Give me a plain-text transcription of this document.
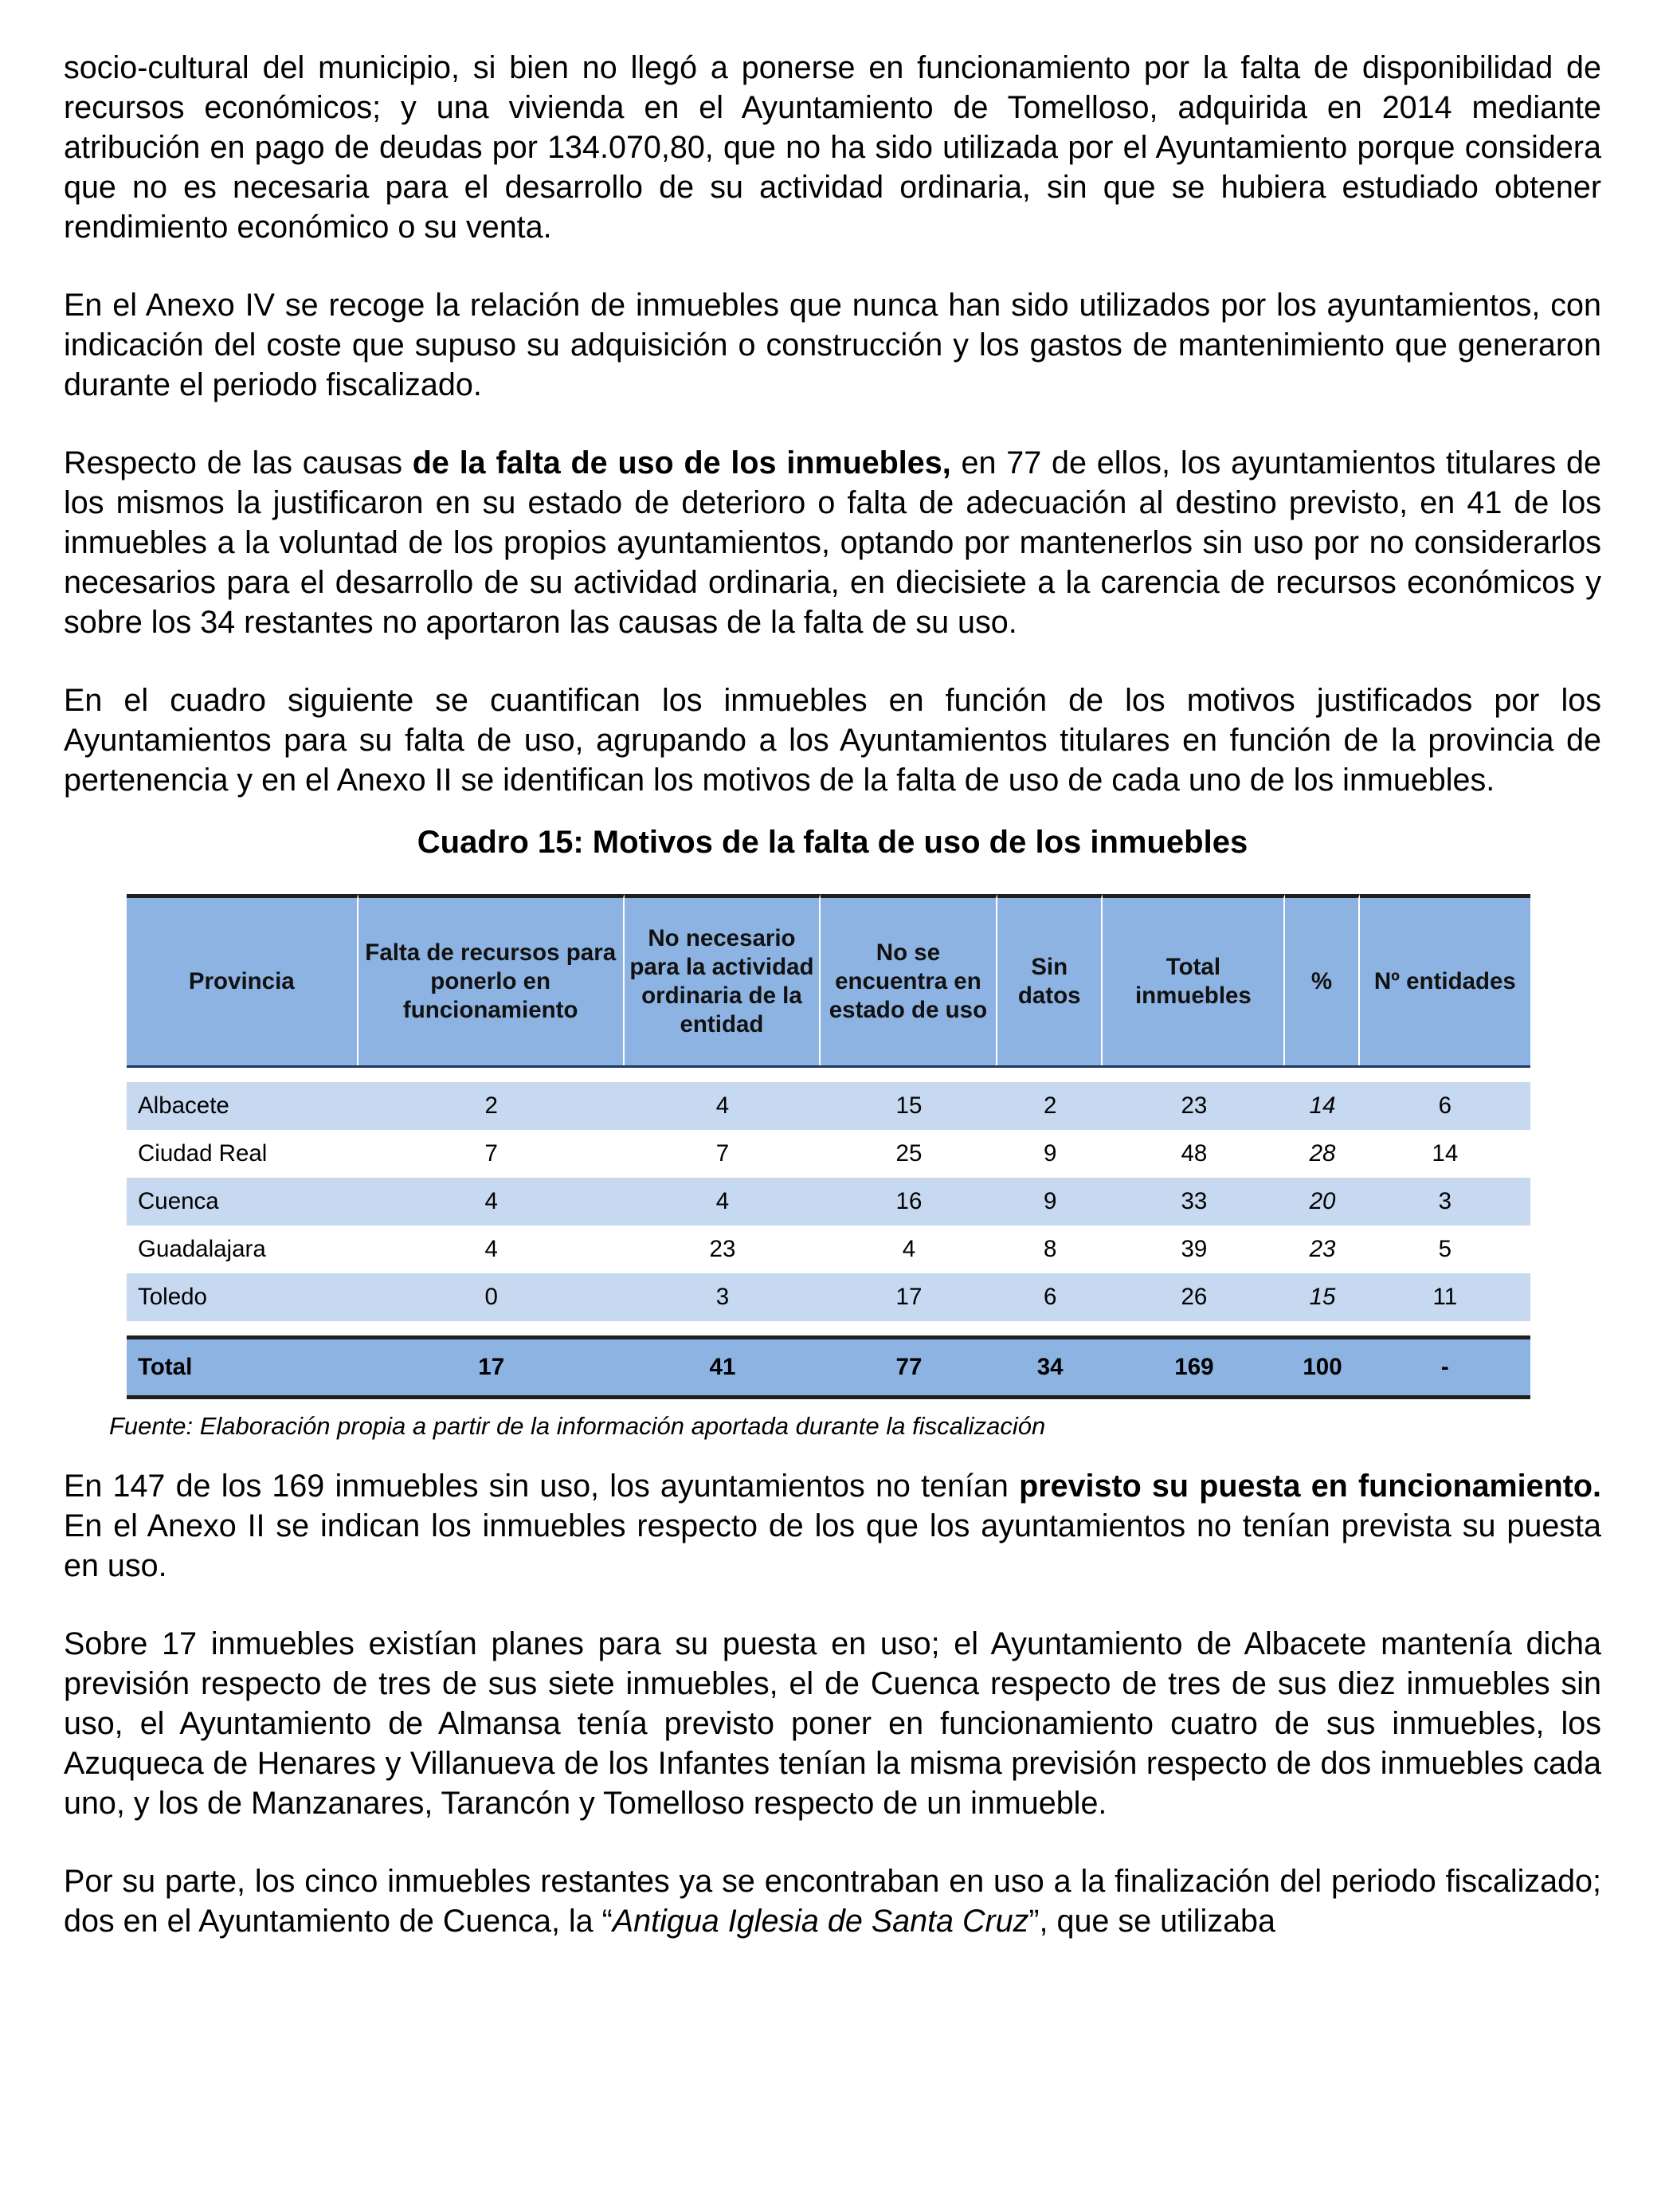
socio-cultural del municipio, si bien no llegó a ponerse en funcionamiento por la falta de disponibilidad de recursos económicos; y una vivienda en el Ayuntamiento de Tomelloso, adquirida en 2014 mediante atribución en pago de deudas por 134.070,80, que no ha sido utilizada por el Ayuntamiento porque considera que no es necesaria para el desarrollo de su actividad ordinaria, sin que se hubiera estudiado obtener rendimiento económico o su venta.

En el Anexo IV se recoge la relación de inmuebles que nunca han sido utilizados por los ayuntamientos, con indicación del coste que supuso su adquisición o construcción y los gastos de mantenimiento que generaron durante el periodo fiscalizado.

Respecto de las causas de la falta de uso de los inmuebles, en 77 de ellos, los ayuntamientos titulares de los mismos la justificaron en su estado de deterioro o falta de adecuación al destino previsto, en 41 de los inmuebles a la voluntad de los propios ayuntamientos, optando por mantenerlos sin uso por no considerarlos necesarios para el desarrollo de su actividad ordinaria, en diecisiete a la carencia de recursos económicos y sobre los 34 restantes no aportaron las causas de la falta de su uso.

En el cuadro siguiente se cuantifican los inmuebles en función de los motivos justificados por los Ayuntamientos para su falta de uso, agrupando a los Ayuntamientos titulares en función de la provincia de pertenencia y en el Anexo II se identifican los motivos de la falta de uso de cada uno de los inmuebles.

Cuadro 15: Motivos de la falta de uso de los inmuebles
Provincia	Falta de recursos para ponerlo en funcionamiento	No necesario para la actividad ordinaria de la entidad	No se encuentra en estado de uso	Sin datos	Total inmuebles	%	Nº entidades

Albacete	2	4	15	2	23	14	6
Ciudad Real	7	7	25	9	48	28	14
Cuenca	4	4	16	9	33	20	3
Guadalajara	4	23	4	8	39	23	5
Toledo	0	3	17	6	26	15	11

Total	17	41	77	34	169	100	-
Fuente: Elaboración propia a partir de la información aportada durante la fiscalización

En 147 de los 169 inmuebles sin uso, los ayuntamientos no tenían previsto su puesta en funcionamiento. En el Anexo II se indican los inmuebles respecto de los que los ayuntamientos no tenían prevista su puesta en uso.

Sobre 17 inmuebles existían planes para su puesta en uso; el Ayuntamiento de Albacete mantenía dicha previsión respecto de tres de sus siete inmuebles, el de Cuenca respecto de tres de sus diez inmuebles sin uso, el Ayuntamiento de Almansa tenía previsto poner en funcionamiento cuatro de sus inmuebles, los Azuqueca de Henares y Villanueva de los Infantes tenían la misma previsión respecto de dos inmuebles cada uno, y los de Manzanares, Tarancón y Tomelloso respecto de un inmueble.

Por su parte, los cinco inmuebles restantes ya se encontraban en uso a la finalización del periodo fiscalizado; dos en el Ayuntamiento de Cuenca, la “Antigua Iglesia de Santa Cruz”, que se utilizaba
